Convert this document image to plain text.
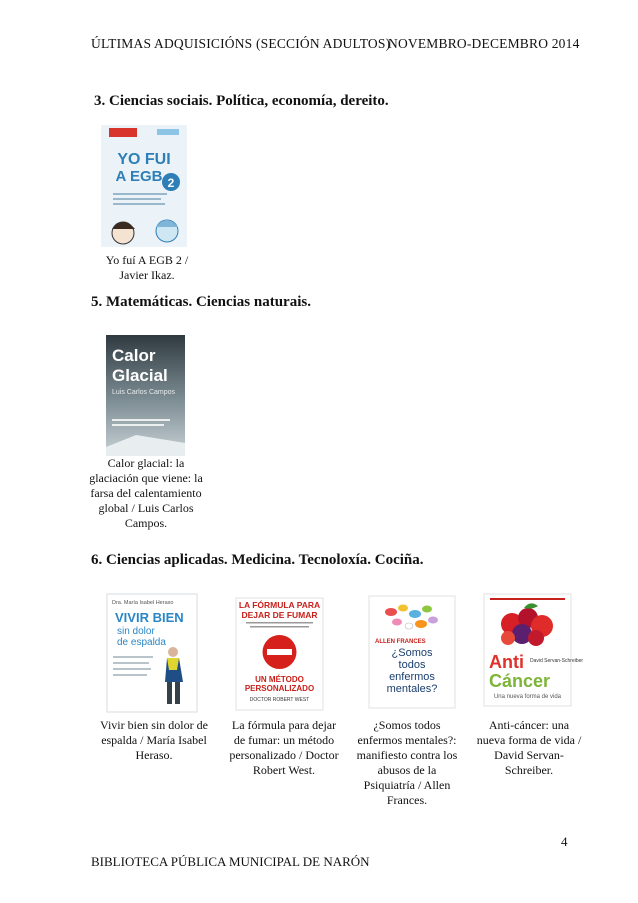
ÚLTIMAS ADQUISICIÓNS (SECCIÓN ADULTOS)
NOVEMBRO-DECEMBRO 2014
3. Ciencias sociais. Política, economía, dereito.
YO FUI
A EGB 2
Yo fuí A EGB 2 / Javier Ikaz.
5. Matemáticas. Ciencias naturais.
Calor
Glacial
Luis Carlos Campos
Calor glacial: la glaciación que viene: la farsa del calentamiento global / Luis Carlos Campos.
6. Ciencias aplicadas. Medicina. Tecnoloxía. Cociña.
Dra. María Isabel Heraso
VIVIR BIEN
sin dolor
de espalda
Vivir bien sin dolor de espalda / María Isabel Heraso.
LA FÓRMULA PARA
DEJAR DE FUMAR
UN MÉTODO
PERSONALIZADO
DOCTOR ROBERT WEST
La fórmula para dejar de fumar: un método personalizado / Doctor Robert West.
ALLEN FRANCES
¿Somos
todos
enfermos
mentales?
¿Somos todos enfermos mentales?: manifiesto contra los abusos de la Psiquiatría / Allen Frances.
Anti David Servan-Schreiber
Cáncer
Una nueva forma de vida
Anti-cáncer: una nueva forma de vida / David Servan-Schreiber.
4
BIBLIOTECA PÚBLICA MUNICIPAL DE NARÓN
